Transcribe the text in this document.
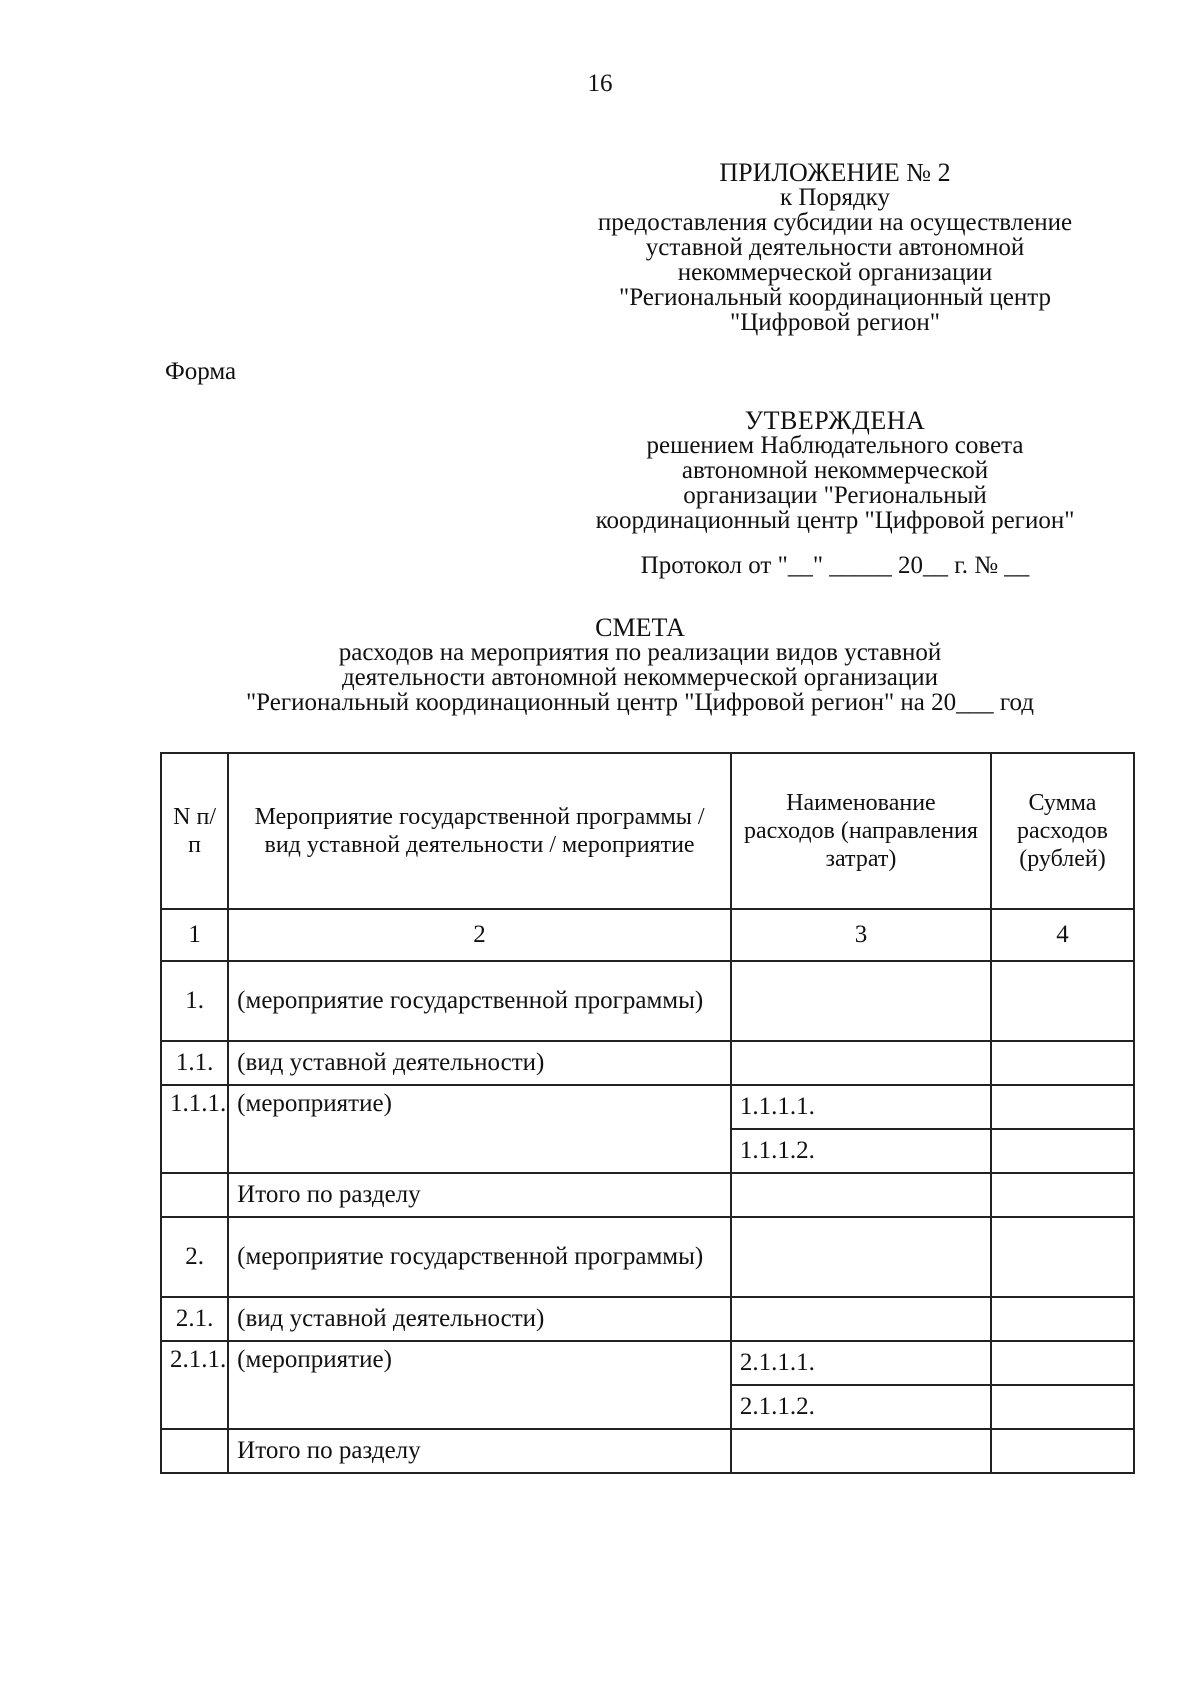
16
ПРИЛОЖЕНИЕ № 2
к Порядку
предоставления субсидии на осуществление
уставной деятельности автономной
некоммерческой организации
"Региональный координационный центр
"Цифровой регион"
Форма
УТВЕРЖДЕНА
решением Наблюдательного совета
автономной некоммерческой
организации "Региональный
координационный центр "Цифровой регион"
Протокол от "__" _____ 20__ г. № __
СМЕТА
расходов на мероприятия по реализации видов уставной
деятельности автономной некоммерческой организации
"Региональный координационный центр "Цифровой регион" на 20___ год
N п/п	Мероприятие государственной программы / вид уставной деятельности / мероприятие	Наименование расходов (направления затрат)	Сумма расходов (рублей)
1	2	3	4
1.	(мероприятие государственной программы)		
1.1.	(вид уставной деятельности)		
1.1.1.	(мероприятие)	1.1.1.1.	
		1.1.1.2.	
	Итого по разделу		
2.	(мероприятие государственной программы)		
2.1.	(вид уставной деятельности)		
2.1.1.	(мероприятие)	2.1.1.1.	
		2.1.1.2.	
	Итого по разделу		
